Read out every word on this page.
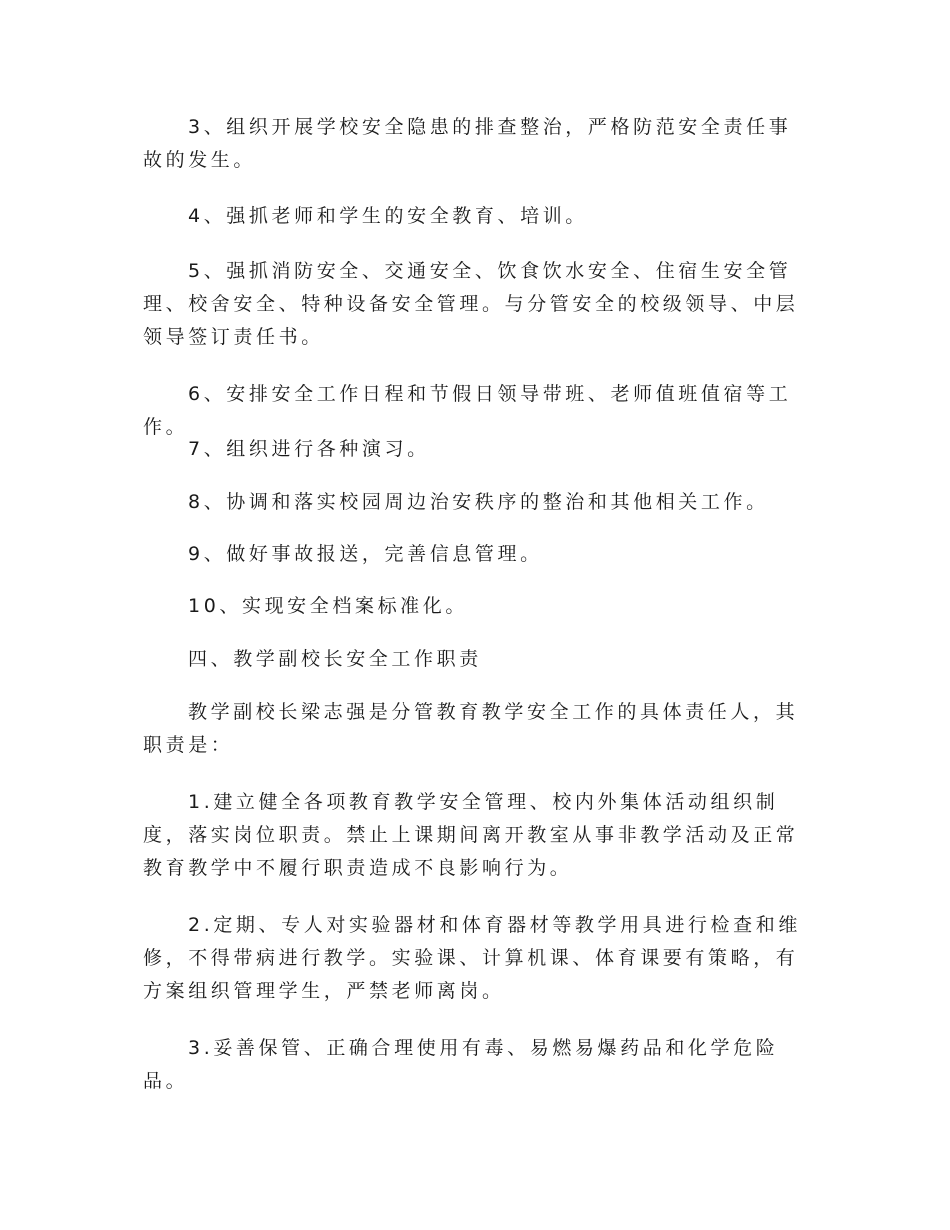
3、组织开展学校安全隐患的排查整治，严格防范安全责任事故的发生。

4、强抓老师和学生的安全教育、培训。

5、强抓消防安全、交通安全、饮食饮水安全、住宿生安全管理、校舍安全、特种设备安全管理。与分管安全的校级领导、中层领导签订责任书。

6、安排安全工作日程和节假日领导带班、老师值班值宿等工作。

7、组织进行各种演习。

8、协调和落实校园周边治安秩序的整治和其他相关工作。

9、做好事故报送，完善信息管理。

10、实现安全档案标准化。

四、教学副校长安全工作职责

教学副校长梁志强是分管教育教学安全工作的具体责任人，其职责是：

1.建立健全各项教育教学安全管理、校内外集体活动组织制度，落实岗位职责。禁止上课期间离开教室从事非教学活动及正常教育教学中不履行职责造成不良影响行为。

2.定期、专人对实验器材和体育器材等教学用具进行检查和维修，不得带病进行教学。实验课、计算机课、体育课要有策略，有方案组织管理学生，严禁老师离岗。

3.妥善保管、正确合理使用有毒、易燃易爆药品和化学危险品。
